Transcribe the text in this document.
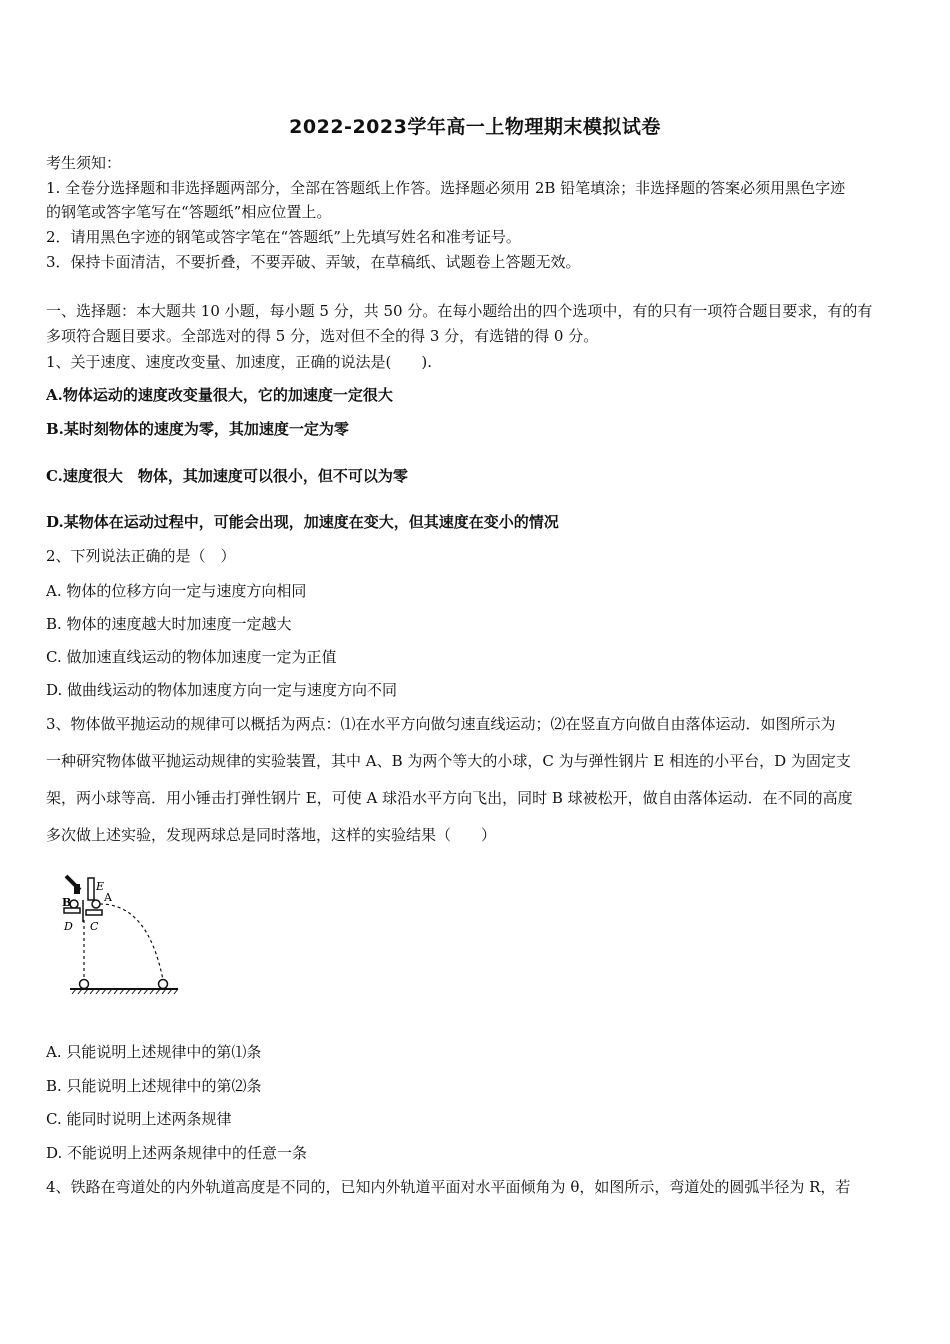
2022-2023学年高一上物理期末模拟试卷
考生须知：
1. 全卷分选择题和非选择题两部分，全部在答题纸上作答。选择题必须用 2B 铅笔填涂；非选择题的答案必须用黑色字迹
的钢笔或答字笔写在“答题纸”相应位置上。
2．请用黑色字迹的钢笔或答字笔在“答题纸”上先填写姓名和准考证号。
3．保持卡面清洁，不要折叠，不要弄破、弄皱，在草稿纸、试题卷上答题无效。
一、选择题：本大题共 10 小题，每小题 5 分，共 50 分。在每小题给出的四个选项中，有的只有一项符合题目要求，有的有
多项符合题目要求。全部选对的得 5 分，选对但不全的得 3 分，有选错的得 0 分。
1、关于速度、速度改变量、加速度，正确的说法是(　　).
A.物体运动的速度改变量很大，它的加速度一定很大
B.某时刻物体的速度为零，其加速度一定为零
C.速度很大　物体，其加速度可以很小，但不可以为零
D.某物体在运动过程中，可能会出现，加速度在变大，但其速度在变小的情况
2、下列说法正确的是（　）
A. 物体的位移方向一定与速度方向相同
B. 物体的速度越大时加速度一定越大
C. 做加速直线运动的物体加速度一定为正值
D. 做曲线运动的物体加速度方向一定与速度方向不同
3、物体做平抛运动的规律可以概括为两点：⑴在水平方向做匀速直线运动；⑵在竖直方向做自由落体运动．如图所示为
一种研究物体做平抛运动规律的实验装置，其中 A、B 为两个等大的小球，C 为与弹性钢片 E 相连的小平台，D 为固定支
架，两小球等高．用小锤击打弹性钢片 E，可使 A 球沿水平方向飞出，同时 B 球被松开，做自由落体运动．在不同的高度
多次做上述实验，发现两球总是同时落地，这样的实验结果（　　）
E
B	A
D C
A. 只能说明上述规律中的第⑴条
B. 只能说明上述规律中的第⑵条
C. 能同时说明上述两条规律
D. 不能说明上述两条规律中的任意一条
4、铁路在弯道处的内外轨道高度是不同的，已知内外轨道平面对水平面倾角为 θ，如图所示，弯道处的圆弧半径为 R，若
